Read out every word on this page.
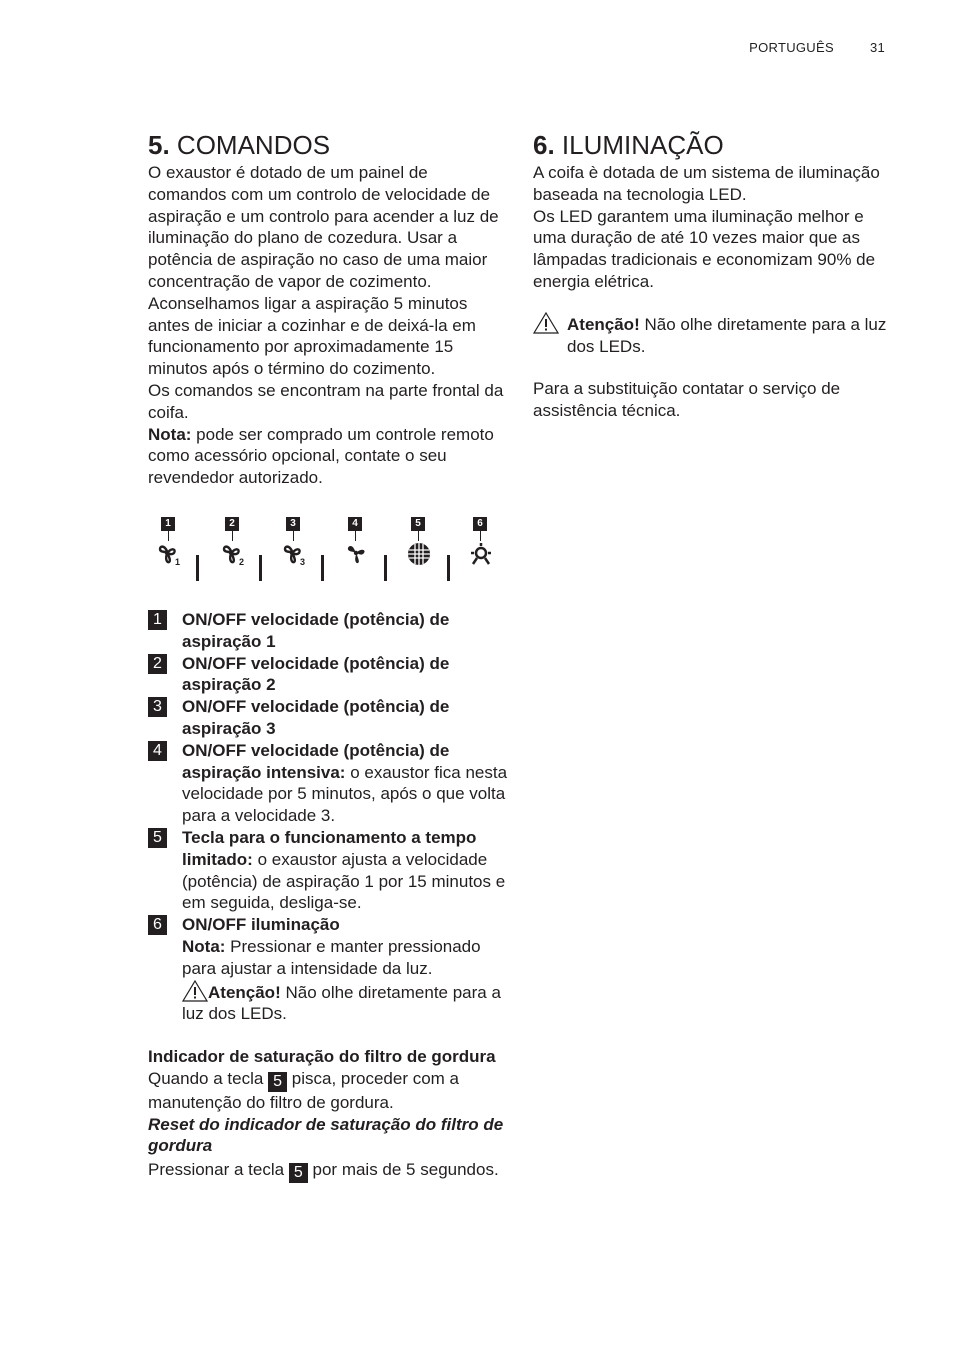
PORTUGUÊS	31
5. COMANDOS

O exaustor é dotado de um painel de comandos com um controlo de velocidade de aspiração e um controlo para acender a luz de iluminação do plano de cozedura. Usar a potência de aspiração no caso de uma maior concentração de vapor de cozimento. Aconselhamos ligar a aspiração 5 minutos antes de iniciar a cozinhar e de deixá-la em funcionamento por aproximadamente 15 minutos após o término do cozimento.

Os comandos se encontram na parte frontal da coifa.

Nota: pode ser comprado um controle remoto como acessório opcional, contate o seu revendedor autorizado.

1
1
2
2
3
3
4	5	6
1 ON/OFF velocidade (potência) de aspiração 1
2 ON/OFF velocidade (potência) de aspiração 2
3 ON/OFF velocidade (potência) de aspiração 3
4 ON/OFF velocidade (potência) de aspiração intensiva: o exaustor fica nesta velocidade por 5 minutos, após o que volta para a velocidade 3.
5 Tecla para o funcionamento a tempo limitado: o exaustor ajusta a velocidade (potência) de aspiração 1 por 15 minutos e em seguida, desliga-se.
6 ON/OFF iluminação
Nota: Pressionar e manter pressionado para ajustar a intensidade da luz.
Atenção! Não olhe diretamente para a luz dos LEDs.

Indicador de saturação do filtro de gordura

Quando a tecla 5 pisca, proceder com a manutenção do filtro de gordura.

Reset do indicador de saturação do filtro de gordura

Pressionar a tecla 5 por mais de 5 segundos.

6. ILUMINAÇÃO

A coifa è dotada de um sistema de iluminação baseada na tecnologia LED.

Os LED garantem uma iluminação melhor e uma duração de até 10 vezes maior que as lâmpadas tradicionais e economizam 90% de energia elétrica.

Atenção! Não olhe diretamente para a luz dos LEDs.

Para a substituição contatar o serviço de assistência técnica.
